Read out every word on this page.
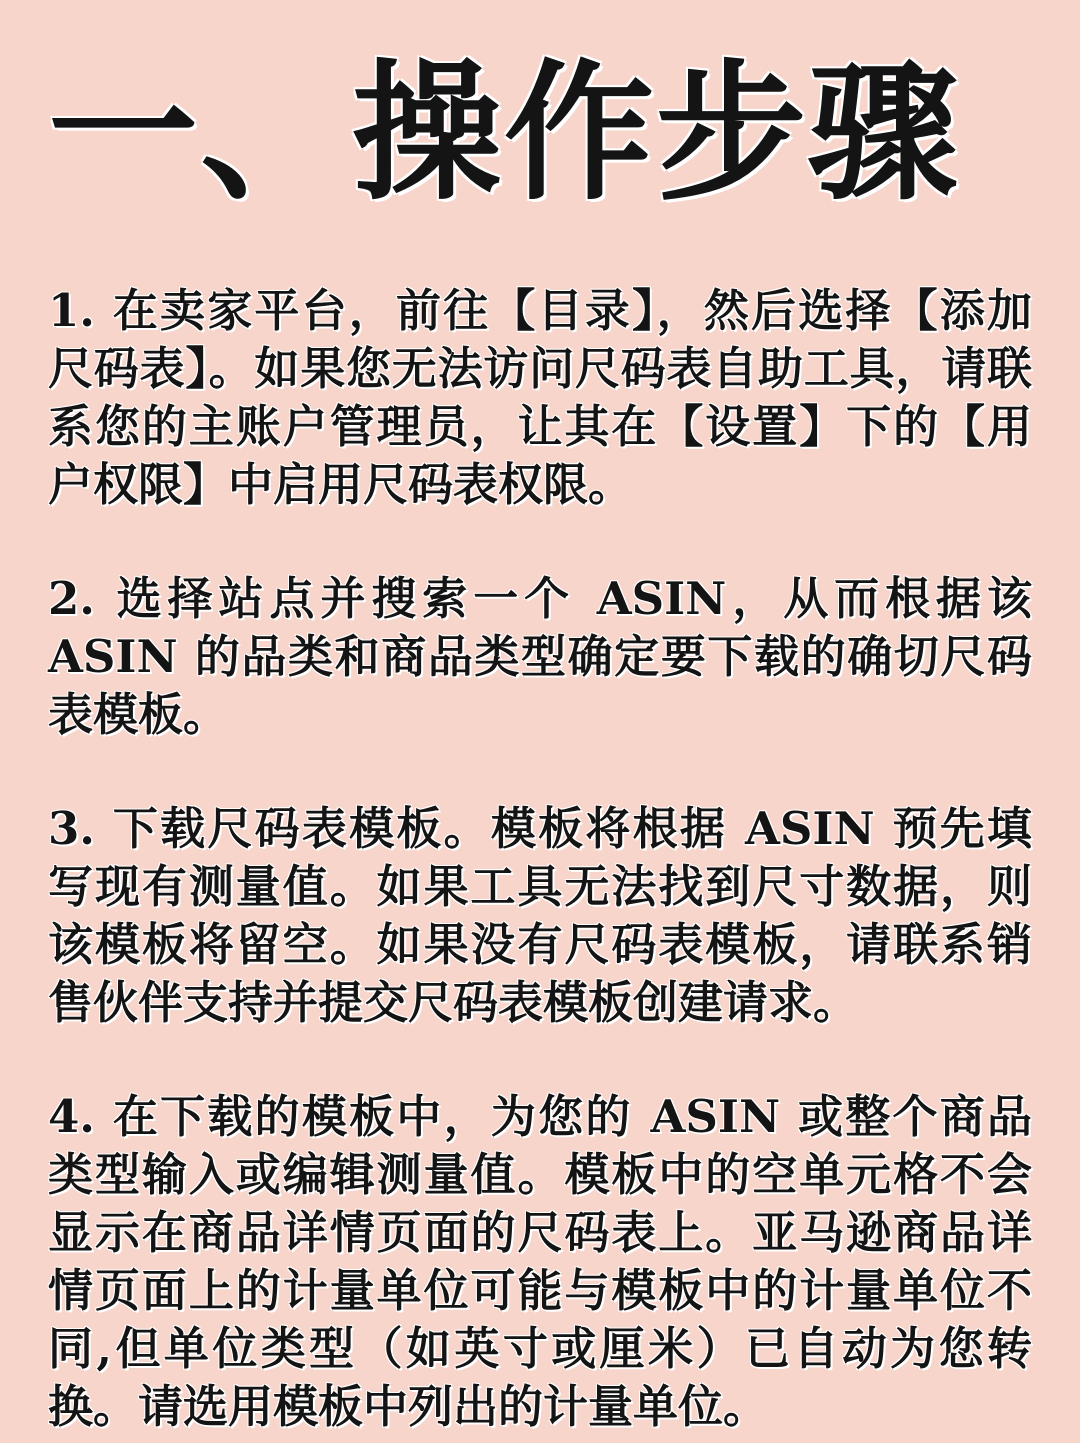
一、操作步骤

1. 在卖家平台，前往【目录】，然后选择【添加尺码表】。如果您无法访问尺码表自助工具，请联系您的主账户管理员，让其在【设置】下的【用户权限】中启用尺码表权限。

2. 选择站点并搜索一个 ASIN，从而根据该ASIN 的品类和商品类型确定要下载的确切尺码表模板。

3. 下载尺码表模板。模板将根据 ASIN 预先填写现有测量值。如果工具无法找到尺寸数据，则该模板将留空。如果没有尺码表模板，请联系销售伙伴支持并提交尺码表模板创建请求。

4. 在下载的模板中，为您的 ASIN 或整个商品类型输入或编辑测量值。模板中的空单元格不会显示在商品详情页面的尺码表上。亚马逊商品详情页面上的计量单位可能与模板中的计量单位不同,但单位类型（如英寸或厘米）已自动为您转换。请选用模板中列出的计量单位。
